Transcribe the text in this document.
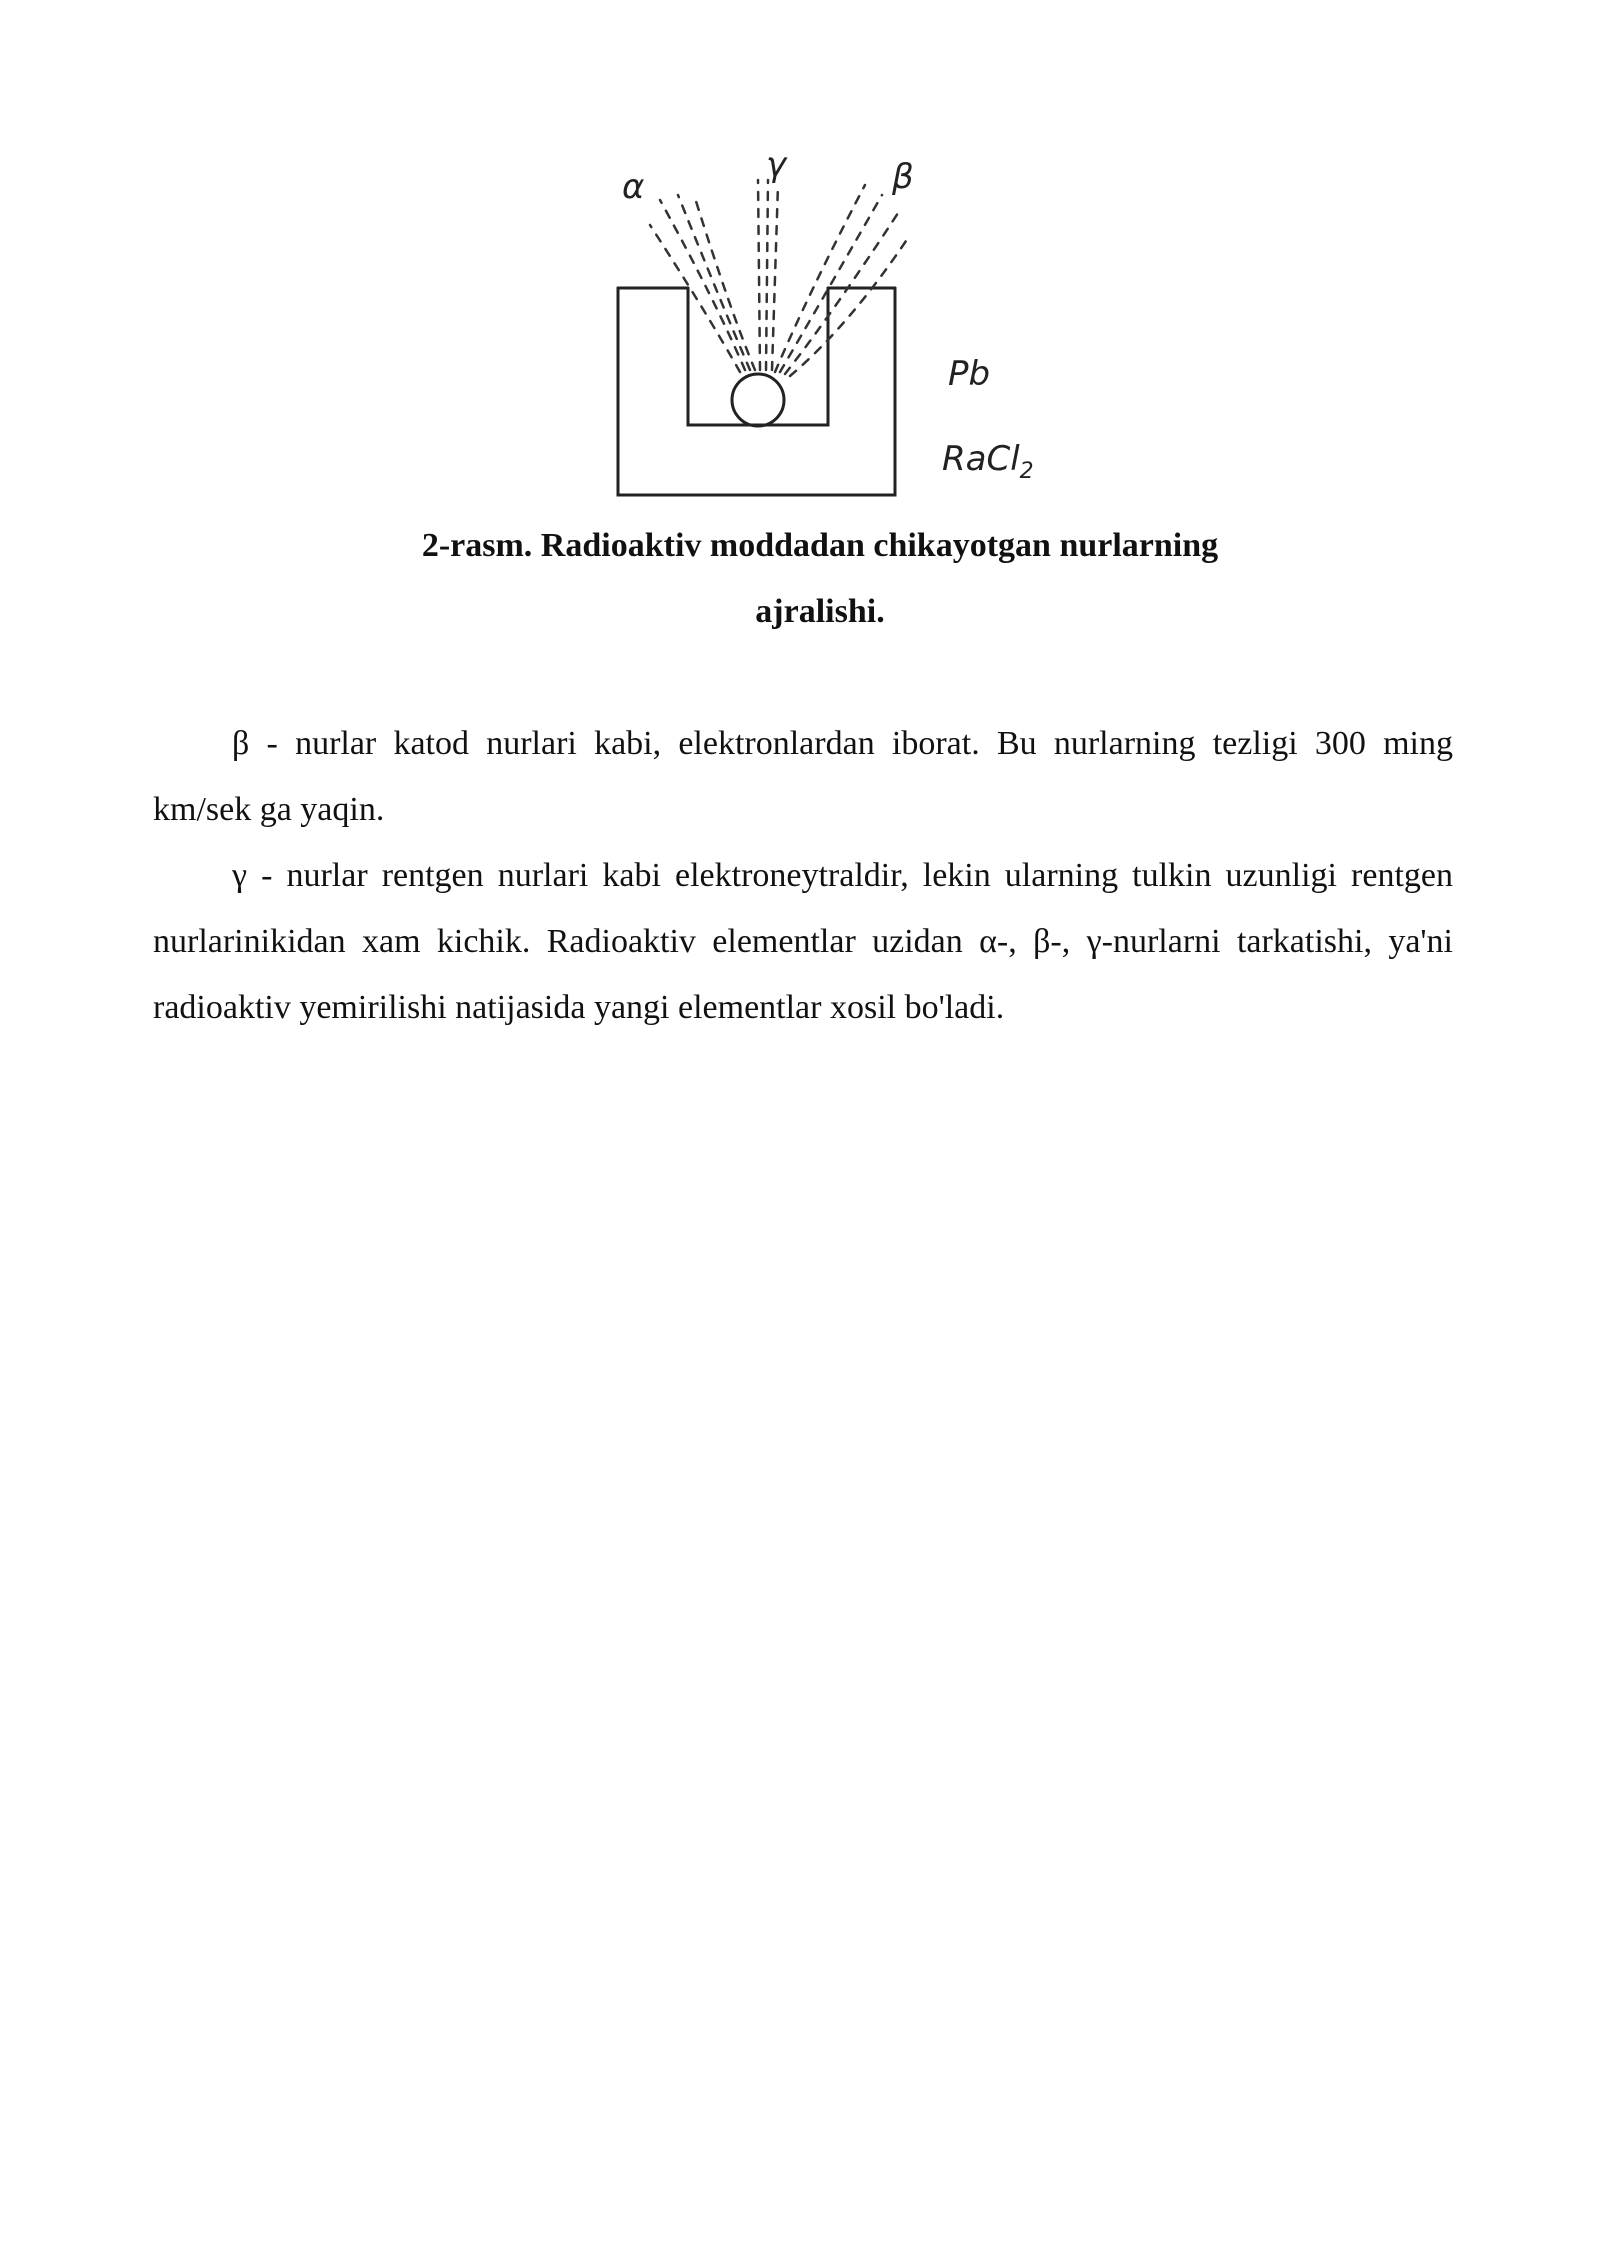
α
γ	β
Pb
RaCl$_2$
2-rasm. Radioaktiv moddadan chikayotgan nurlarning
ajralishi.

β - nurlar katod nurlari kabi, elektronlardan iborat. Bu nurlarning tezligi 300 ming km/sek ga yaqin.

γ - nurlar rentgen nurlari kabi elektroneytraldir, lekin ularning tulkin uzunligi rentgen nurlarinikidan xam kichik. Radioaktiv elementlar uzidan α-, β-, γ-nurlarni tarkatishi, ya'ni radioaktiv yemirilishi natijasida yangi elementlar xosil bo'ladi.
